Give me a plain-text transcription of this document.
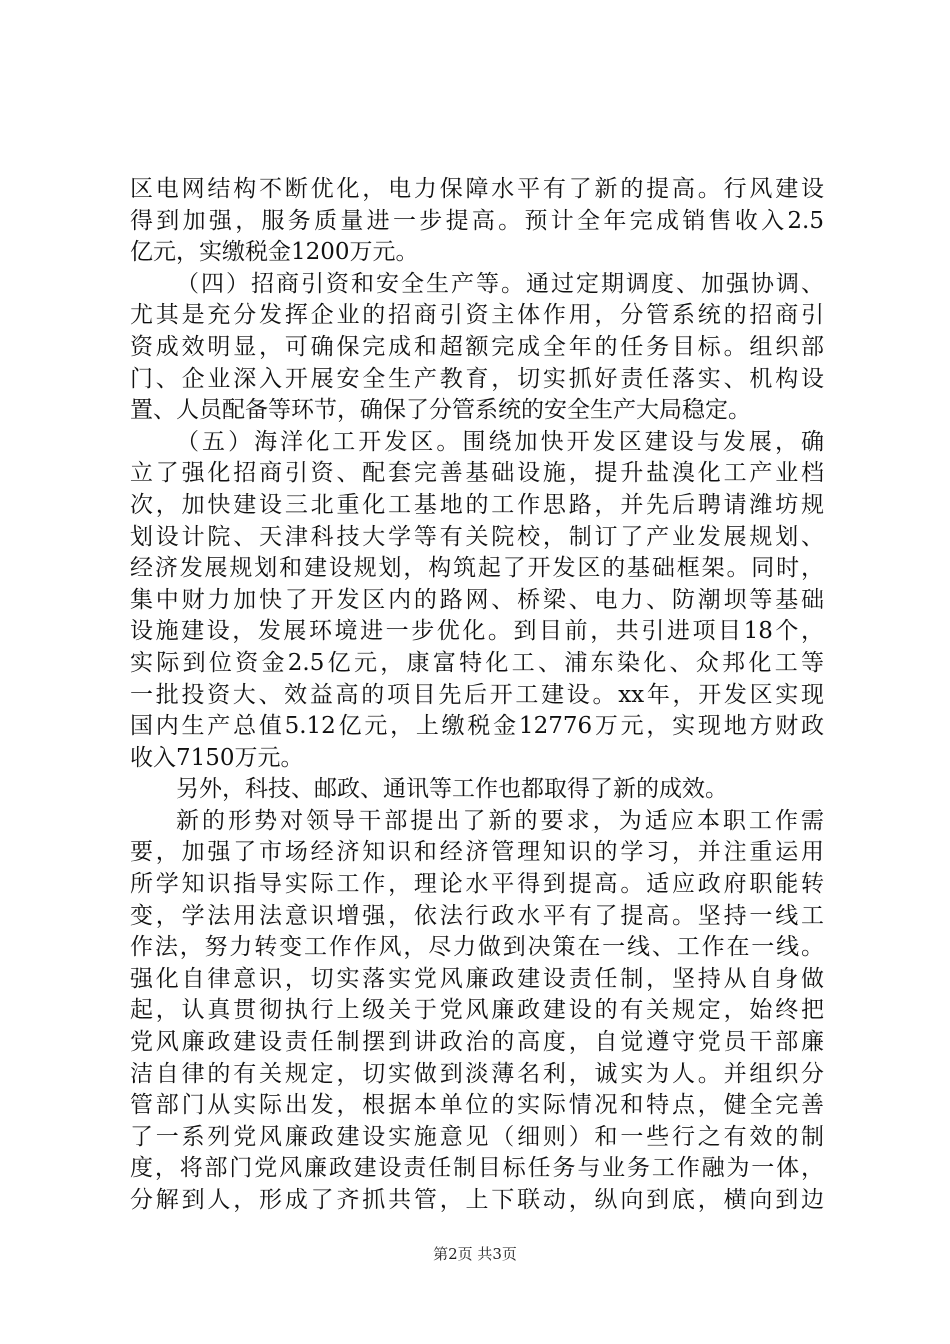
区电网结构不断优化，电力保障水平有了新的提高。行风建设
得到加强，服务质量进一步提高。预计全年完成销售收入2.5
亿元，实缴税金1200万元。
（四）招商引资和安全生产等。通过定期调度、加强协调、
尤其是充分发挥企业的招商引资主体作用，分管系统的招商引
资成效明显，可确保完成和超额完成全年的任务目标。组织部
门、企业深入开展安全生产教育，切实抓好责任落实、机构设
置、人员配备等环节，确保了分管系统的安全生产大局稳定。
（五）海洋化工开发区。围绕加快开发区建设与发展，确
立了强化招商引资、配套完善基础设施，提升盐溴化工产业档
次，加快建设三北重化工基地的工作思路，并先后聘请潍坊规
划设计院、天津科技大学等有关院校，制订了产业发展规划、
经济发展规划和建设规划，构筑起了开发区的基础框架。同时，
集中财力加快了开发区内的路网、桥梁、电力、防潮坝等基础
设施建设，发展环境进一步优化。到目前，共引进项目18个，
实际到位资金2.5亿元，康富特化工、浦东染化、众邦化工等
一批投资大、效益高的项目先后开工建设。xx年，开发区实现
国内生产总值5.12亿元，上缴税金12776万元，实现地方财政
收入7150万元。
另外，科技、邮政、通讯等工作也都取得了新的成效。
新的形势对领导干部提出了新的要求，为适应本职工作需
要，加强了市场经济知识和经济管理知识的学习，并注重运用
所学知识指导实际工作，理论水平得到提高。适应政府职能转
变，学法用法意识增强，依法行政水平有了提高。坚持一线工
作法，努力转变工作作风，尽力做到决策在一线、工作在一线。
强化自律意识，切实落实党风廉政建设责任制，坚持从自身做
起，认真贯彻执行上级关于党风廉政建设的有关规定，始终把
党风廉政建设责任制摆到讲政治的高度，自觉遵守党员干部廉
洁自律的有关规定，切实做到淡薄名利，诚实为人。并组织分
管部门从实际出发，根据本单位的实际情况和特点，健全完善
了一系列党风廉政建设实施意见（细则）和一些行之有效的制
度，将部门党风廉政建设责任制目标任务与业务工作融为一体，
分解到人，形成了齐抓共管，上下联动，纵向到底，横向到边
第2页 共3页
